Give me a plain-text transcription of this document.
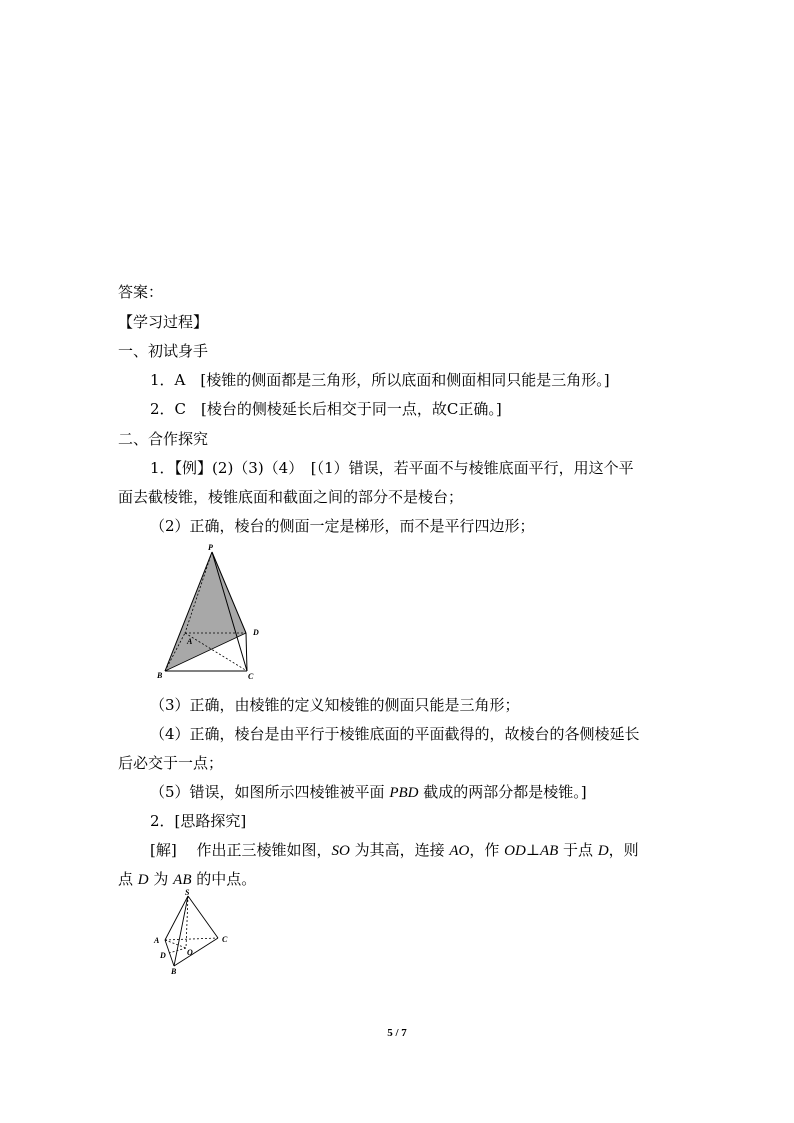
答案：
【学习过程】
一、初试身手
1．A　[棱锥的侧面都是三角形，所以底面和侧面相同只能是三角形。]
2．C　[棱台的侧棱延长后相交于同一点，故C正确。]
二、合作探究
1．【例】(2)（3)（4）　[（1）错误，若平面不与棱锥底面平行，用这个平
面去截棱锥，棱锥底面和截面之间的部分不是棱台；
（2）正确，棱台的侧面一定是梯形，而不是平行四边形；
P
A
B	C
D
（3）正确，由棱锥的定义知棱锥的侧面只能是三角形；
（4）正确，棱台是由平行于棱锥底面的平面截得的，故棱台的各侧棱延长
后必交于一点；
（5）错误，如图所示四棱锥被平面 PBD 截成的两部分都是棱锥。]
2．[思路探究]
[解]　 作出正三棱锥如图，SO 为其高，连接 AO，作 OD⊥AB 于点 D，则
点 D 为 AB 的中点。
S
A
D	O
B
C
5 / 7
